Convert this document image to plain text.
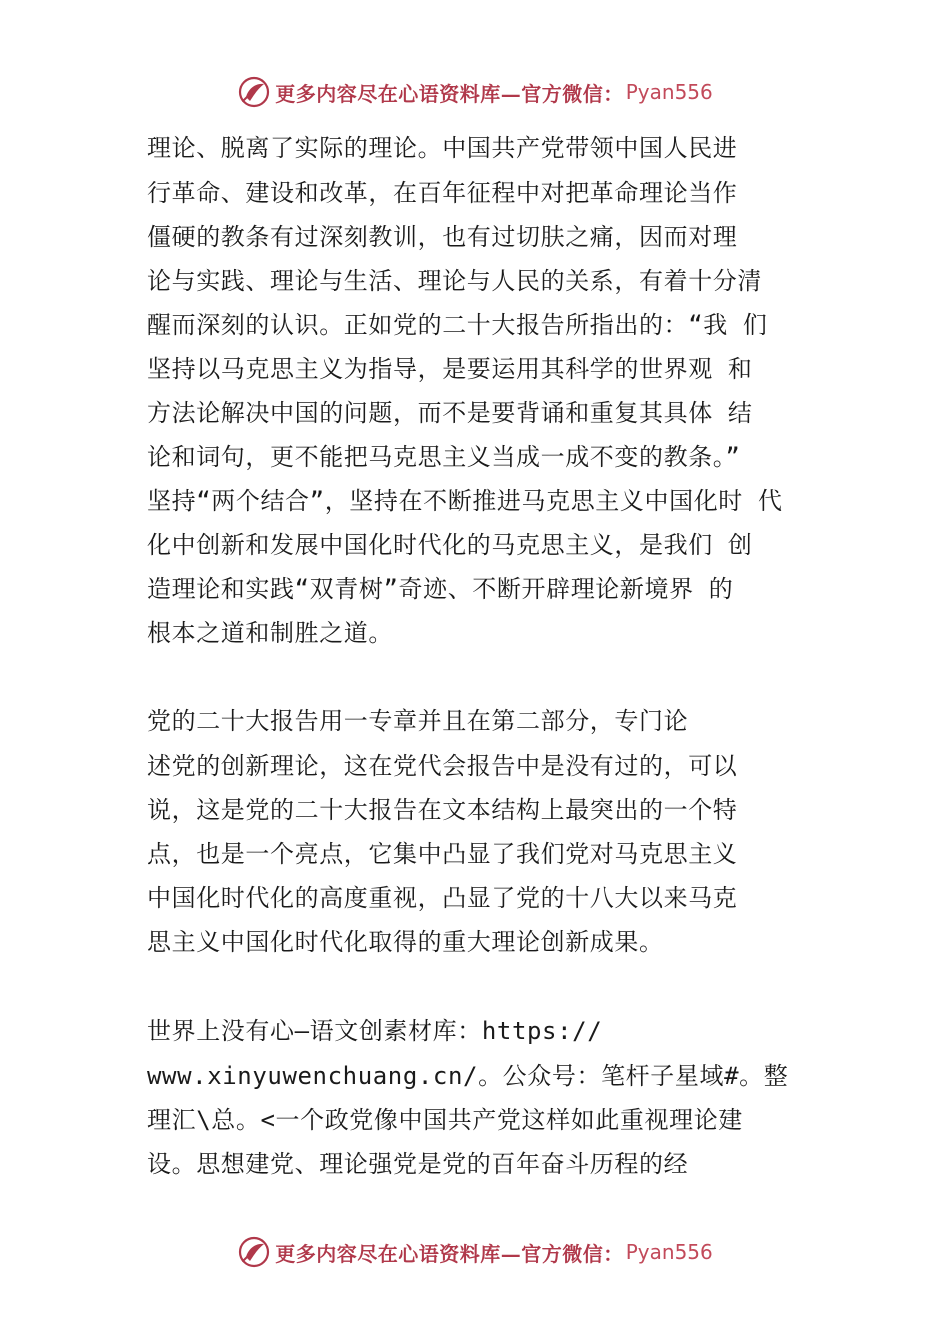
更多内容尽在心语资料库—官方微信： Pyan556
理论、脱离了实际的理论。中国共产党带领中国人民进
行革命、建设和改革，在百年征程中对把革命理论当作
僵硬的教条有过深刻教训，也有过切肤之痛，因而对理
论与实践、理论与生活、理论与人民的关系，有着十分清
醒而深刻的认识。正如党的二十大报告所指出的：“我 们
坚持以马克思主义为指导，是要运用其科学的世界观 和
方法论解决中国的问题，而不是要背诵和重复其具体 结
论和词句，更不能把马克思主义当成一成不变的教条。”
坚持“两个结合”，坚持在不断推进马克思主义中国化时 代
化中创新和发展中国化时代化的马克思主义，是我们 创
造理论和实践“双青树”奇迹、不断开辟理论新境界 的
根本之道和制胜之道。
党的二十大报告用一专章并且在第二部分，专门论
述党的创新理论，这在党代会报告中是没有过的，可以
说，这是党的二十大报告在文本结构上最突出的一个特
点，也是一个亮点，它集中凸显了我们党对马克思主义
中国化时代化的高度重视，凸显了党的十八大以来马克
思主义中国化时代化取得的重大理论创新成果。
世界上没有心—语文创素材库：https://
www.xinyuwenchuang.cn/。公众号：笔杆子星域#。整
理汇\总。<一个政党像中国共产党这样如此重视理论建
设。思想建党、理论强党是党的百年奋斗历程的经
更多内容尽在心语资料库—官方微信： Pyan556
